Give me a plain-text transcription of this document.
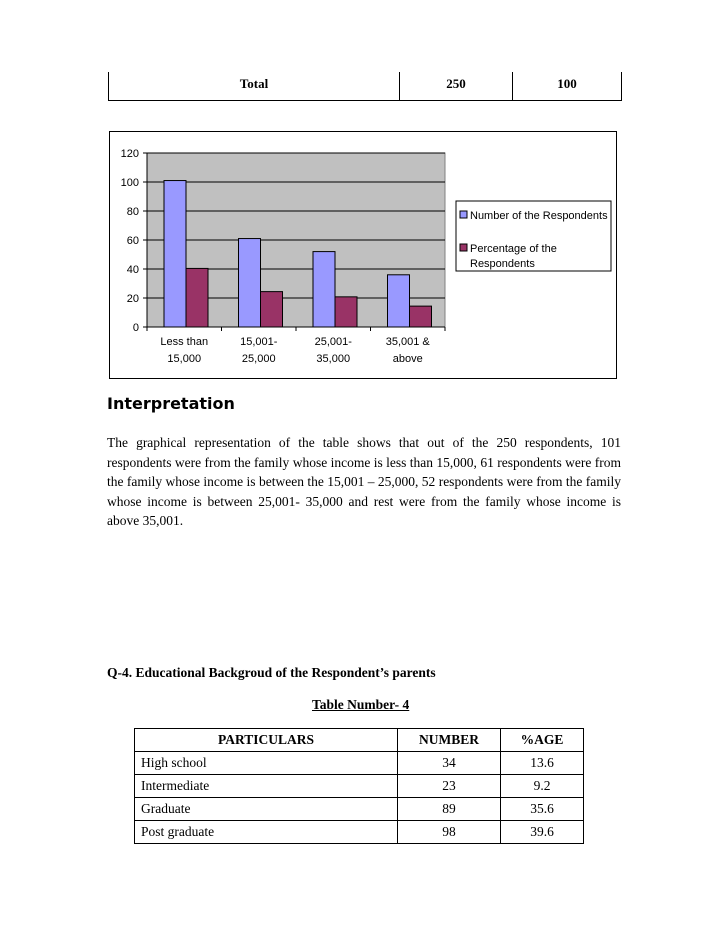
Total	250	100
0
20
40
60
80
100
120
Less than
15,000
15,001-
25,000
25,001-
35,000
35,001 &
above
Number of the Respondents
Percentage of the
Respondents
Interpretation

The graphical representation of the table shows that out of the 250 respondents, 101 respondents were from the family whose income is less than 15,000, 61 respondents were from the family whose income is between the 15,001 – 25,000, 52 respondents were from the family whose income is between 25,001- 35,000 and rest were from the family whose income is above 35,001.

Q-4. Educational Backgroud of the Respondent’s parents
Table Number- 4
PARTICULARS	NUMBER	%AGE
High school	34	13.6
Intermediate	23	9.2
Graduate	89	35.6
Post graduate	98	39.6
